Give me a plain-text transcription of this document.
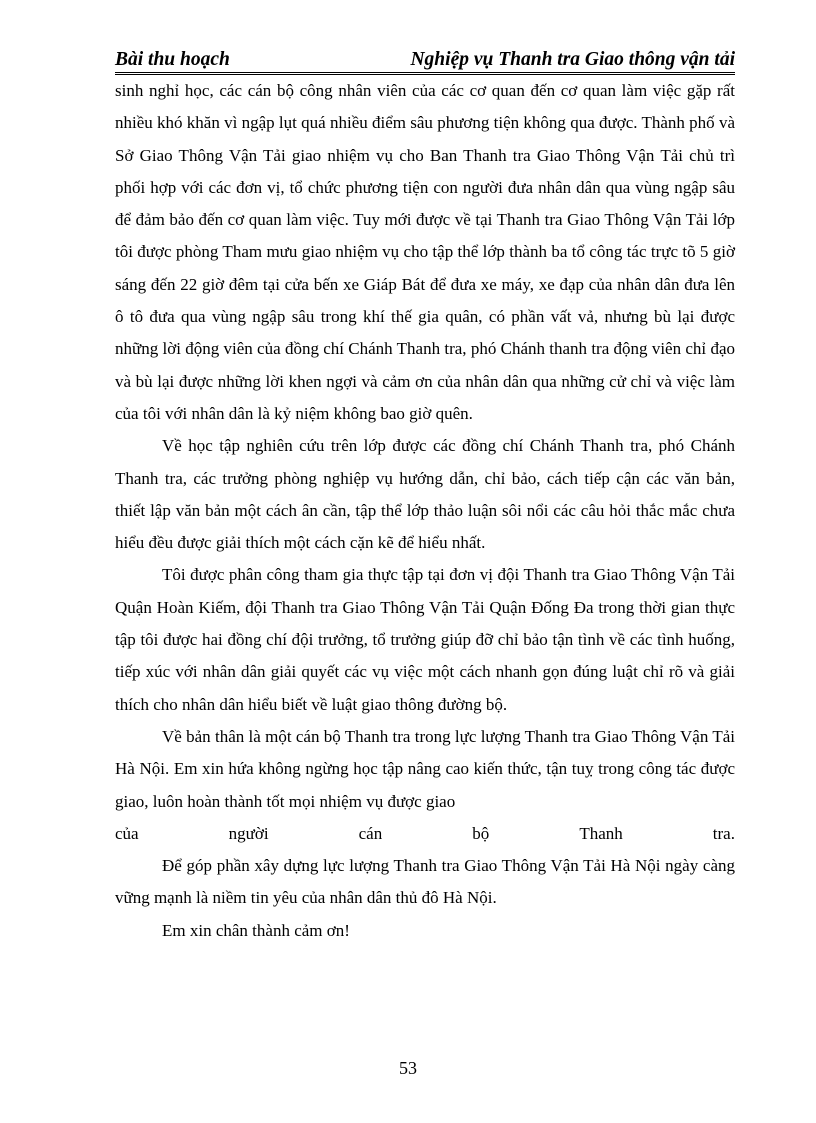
Bài thu hoạch	Nghiệp vụ Thanh tra Giao thông vận tải

sinh nghỉ học, các cán bộ công nhân viên của các cơ quan đến cơ quan làm việc gặp rất nhiều khó khăn vì ngập lụt quá nhiều điểm sâu phương tiện không qua được. Thành phố và Sở Giao Thông Vận Tải giao nhiệm vụ cho Ban Thanh tra Giao Thông Vận Tải chủ trì phối hợp với các đơn vị, tổ chức phương tiện con người đưa nhân dân qua vùng ngập sâu để đảm bảo đến cơ quan làm việc. Tuy mới được về tại Thanh tra Giao Thông Vận Tải lớp tôi được phòng Tham mưu giao nhiệm vụ cho tập thể lớp thành ba tổ công tác trực tõ 5 giờ sáng đến 22 giờ đêm tại cửa bến xe Giáp Bát để đưa xe máy, xe đạp của nhân dân đưa lên ô tô đưa qua vùng ngập sâu trong khí thế gia quân, có phần vất vả, nhưng bù lại được những lời động viên của đồng chí Chánh Thanh tra, phó Chánh thanh tra động viên chỉ đạo và bù lại được những lời khen ngợi và cảm ơn của nhân dân qua những cử chỉ và việc làm của tôi với nhân dân là kỷ niệm không bao giờ quên.

Về học tập nghiên cứu trên lớp được các đồng chí Chánh Thanh tra, phó Chánh Thanh tra, các trưởng phòng nghiệp vụ hướng dẫn, chỉ bảo, cách tiếp cận các văn bản, thiết lập văn bản một cách ân cần, tập thể lớp thảo luận sôi nổi các câu hỏi thắc mắc chưa hiểu đều được giải thích một cách cặn kẽ để hiểu nhất.

Tôi được phân công tham gia thực tập tại đơn vị đội Thanh tra Giao Thông Vận Tải Quận Hoàn Kiếm, đội Thanh tra Giao Thông Vận Tải Quận Đống Đa trong thời gian thực tập tôi được hai đồng chí đội trưởng, tổ trưởng giúp đỡ chỉ bảo tận tình về các tình huống, tiếp xúc với nhân dân giải quyết các vụ việc một cách nhanh gọn đúng luật chỉ rõ và giải thích cho nhân dân hiểu biết về luật giao thông đường bộ.

Về bản thân là một cán bộ Thanh tra trong lực lượng Thanh tra Giao Thông Vận Tải Hà Nội. Em xin hứa không ngừng học tập nâng cao kiến thức, tận tuỵ trong công tác được giao, luôn hoàn thành tốt mọi nhiệm vụ được giao

của	người	cán	bộ	Thanh	tra.

Để góp phần xây dựng lực lượng Thanh tra Giao Thông Vận Tải Hà Nội ngày càng vững mạnh là niềm tin yêu của nhân dân thủ đô Hà Nội.

Em xin chân thành cảm ơn!

53
